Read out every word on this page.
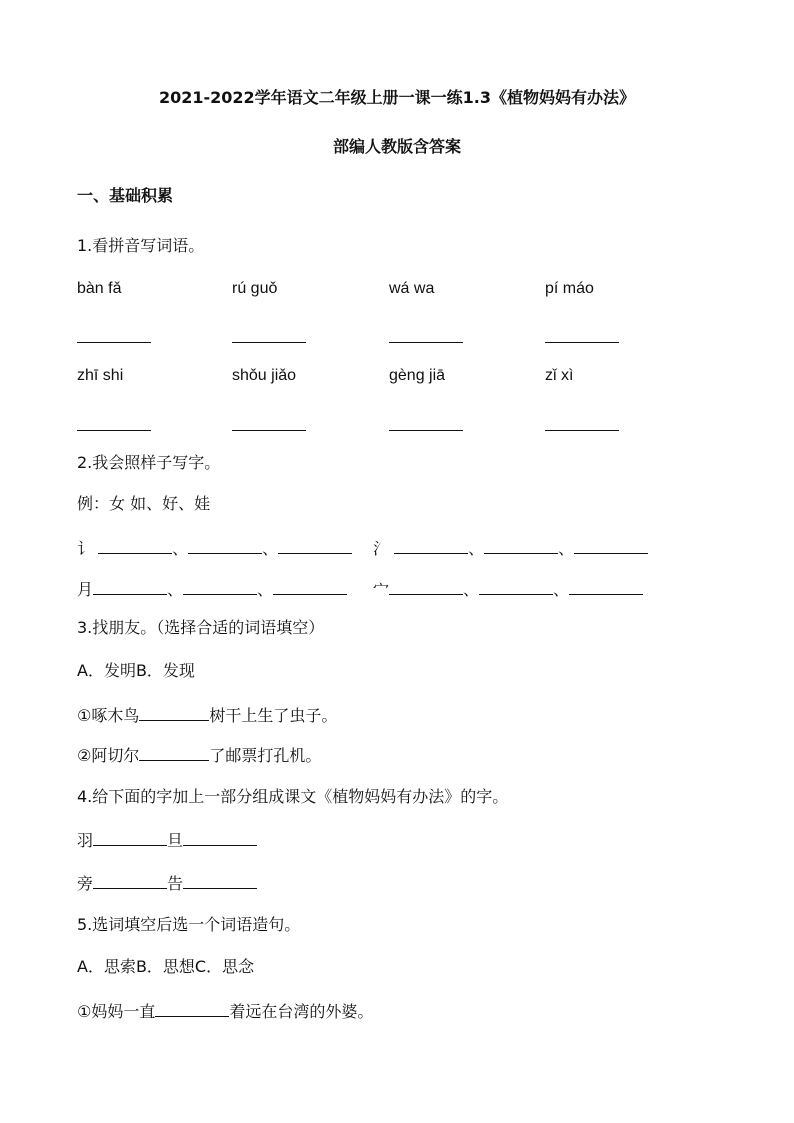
2021-2022学年语文二年级上册一课一练1.3《植物妈妈有办法》
部编人教版含答案
一、基础积累
1.看拼音写词语。
bàn fǎ	rú guǒ	wá wa	pí máo
zhī shi	shǒu jiǎo	gèng jiā	zǐ xì
2.我会照样子写字。
例：女 如、好、娃
讠	、	、	氵	、	、
月	、	、	宀	、	、
3.找朋友。（选择合适的词语填空）
A．发明B．发现
①啄木鸟	树干上生了虫子。
②阿切尔	了邮票打孔机。
4.给下面的字加上一部分组成课文《植物妈妈有办法》的字。
羽	旦
旁	告
5.选词填空后选一个词语造句。
A．思索B．思想C．思念
①妈妈一直	着远在台湾的外婆。
